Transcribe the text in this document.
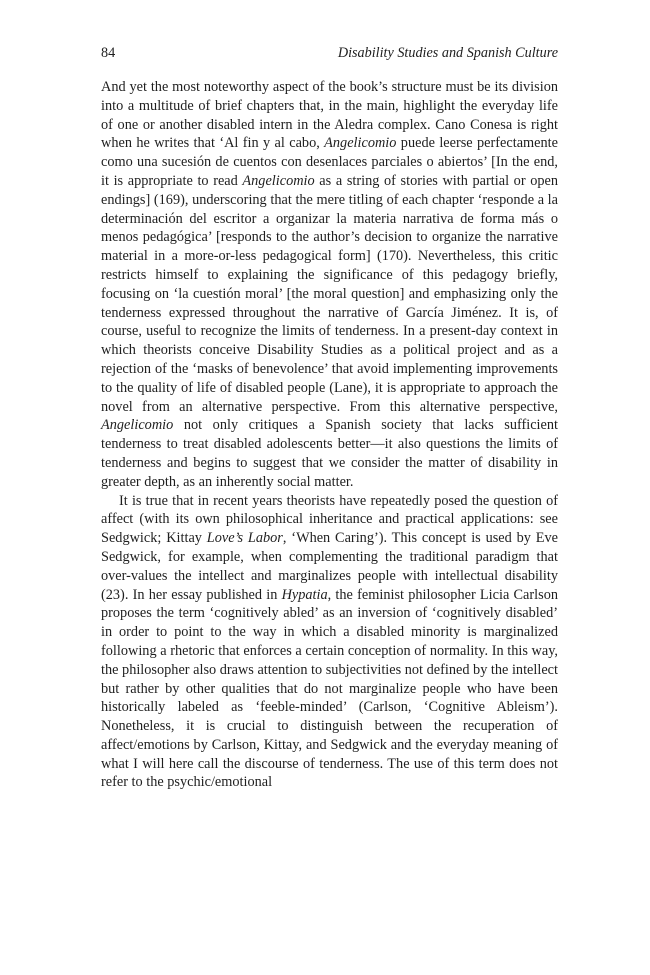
84	Disability Studies and Spanish Culture

And yet the most noteworthy aspect of the book’s structure must be its division into a multitude of brief chapters that, in the main, highlight the everyday life of one or another disabled intern in the Aledra complex. Cano Conesa is right when he writes that ‘Al fin y al cabo, Angelicomio puede leerse perfectamente como una sucesión de cuentos con desenlaces parciales o abiertos’ [In the end, it is appropriate to read Angelicomio as a string of stories with partial or open endings] (169), underscoring that the mere titling of each chapter ‘responde a la determinación del escritor a organizar la materia narrativa de forma más o menos pedagógica’ [responds to the author’s decision to organize the narrative material in a more-or-less pedagogical form] (170). Nevertheless, this critic restricts himself to explaining the significance of this pedagogy briefly, focusing on ‘la cuestión moral’ [the moral question] and emphasizing only the tenderness expressed throughout the narrative of García Jiménez. It is, of course, useful to recognize the limits of tenderness. In a present-day context in which theorists conceive Disability Studies as a political project and as a rejection of the ‘masks of benevolence’ that avoid implementing improvements to the quality of life of disabled people (Lane), it is appropriate to approach the novel from an alternative perspective. From this alternative perspective, Angelicomio not only critiques a Spanish society that lacks sufficient tenderness to treat disabled adolescents better—it also questions the limits of tenderness and begins to suggest that we consider the matter of disability in greater depth, as an inherently social matter.

It is true that in recent years theorists have repeatedly posed the question of affect (with its own philosophical inheritance and practical applications: see Sedgwick; Kittay Love’s Labor, ‘When Caring’). This concept is used by Eve Sedgwick, for example, when complementing the traditional paradigm that over-values the intellect and marginalizes people with intellectual disability (23). In her essay published in Hypatia, the feminist philosopher Licia Carlson proposes the term ‘cognitively abled’ as an inversion of ‘cognitively disabled’ in order to point to the way in which a disabled minority is marginalized following a rhetoric that enforces a certain conception of normality. In this way, the philosopher also draws attention to subjectivities not defined by the intellect but rather by other qualities that do not marginalize people who have been historically labeled as ‘feeble-minded’ (Carlson, ‘Cognitive Ableism’). Nonetheless, it is crucial to distinguish between the recuperation of affect/emotions by Carlson, Kittay, and Sedgwick and the everyday meaning of what I will here call the discourse of tenderness. The use of this term does not refer to the psychic/emotional
